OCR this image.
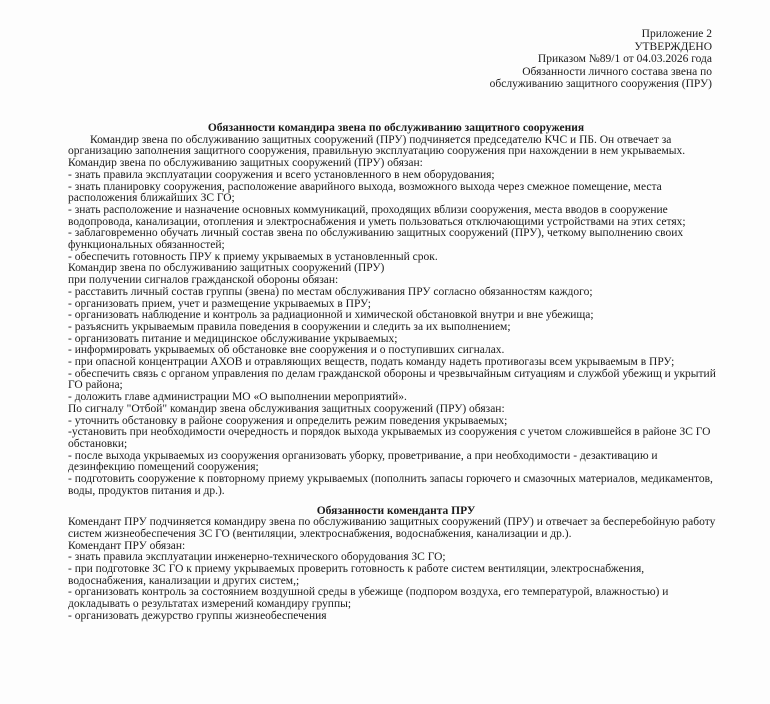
Приложение 2
УТВЕРЖДЕНО
Приказом №89/1 от 04.03.2026 года
Обязанности личного состава звена по
обслуживанию защитного сооружения (ПРУ)

Обязанности командира звена по обслуживанию защитного сооружения

Командир звена по обслуживанию защитных сооружений (ПРУ) подчиняется председателю КЧС и ПБ. Он отвечает за организацию заполнения защитного сооружения, правильную эксплуатацию сооружения при нахождении в нем укрываемых.

Командир звена по обслуживанию защитных сооружений (ПРУ) обязан:

- знать правила эксплуатации сооружения и всего установленного в нем оборудования;

- знать планировку сооружения, расположение аварийного выхода, возможного выхода через смежное помещение, места расположения ближайших ЗС ГО;

- знать расположение и назначение основных коммуникаций, проходящих вблизи сооружения, места вводов в сооружение водопровода, канализации, отопления и электроснабжения и уметь пользоваться отключающими устройствами на этих сетях;

- заблаговременно обучать личный состав звена по обслуживанию защитных сооружений (ПРУ), четкому выполнению своих функциональных обязанностей;

- обеспечить готовность ПРУ к приему укрываемых в установленный срок.

Командир звена по обслуживанию защитных сооружений (ПРУ)

при получении сигналов гражданской обороны обязан:

- расставить личный состав группы (звена) по местам обслуживания ПРУ согласно обязанностям каждого;

- организовать прием, учет и размещение укрываемых в ПРУ;

- организовать наблюдение и контроль за радиационной и химической обстановкой внутри и вне убежища;

- разъяснить укрываемым правила поведения в сооружении и следить за их выполнением;

- организовать питание и медицинское обслуживание укрываемых;

- информировать укрываемых об обстановке вне сооружения и о поступивших сигналах.

- при опасной концентрации АХОВ и отравляющих веществ, подать команду надеть противогазы всем укрываемым в ПРУ;

- обеспечить связь с органом управления по делам гражданской обороны и чрезвычайным ситуациям и службой убежищ и укрытий ГО района;

- доложить главе администрации МО «О выполнении мероприятий».

По сигналу "Отбой" командир звена обслуживания защитных сооружений (ПРУ) обязан:

- уточнить обстановку в районе сооружения и определить режим поведения укрываемых;

-установить при необходимости очередность и порядок выхода укрываемых из сооружения с учетом сложившейся в районе ЗС ГО обстановки;

- после выхода укрываемых из сооружения организовать уборку, проветривание, а при необходимости - дезактивацию и дезинфекцию помещений сооружения;

- подготовить сооружение к повторному приему укрываемых (пополнить запасы горючего и смазочных материалов, медикаментов, воды, продуктов питания и др.).

Обязанности коменданта ПРУ

Комендант ПРУ подчиняется командиру звена по обслуживанию защитных сооружений (ПРУ) и отвечает за бесперебойную работу систем жизнеобеспечения ЗС ГО (вентиляции, электроснабжения, водоснабжения, канализации и др.).

Комендант ПРУ обязан:

- знать правила эксплуатации инженерно-технического оборудования ЗС ГО;

- при подготовке ЗС ГО к приему укрываемых проверить готовность к работе систем вентиляции, электроснабжения, водоснабжения, канализации и других систем,;

- организовать контроль за состоянием воздушной среды в убежище (подпором воздуха, его температурой, влажностью) и докладывать о результатах измерений командиру группы;

- организовать дежурство группы жизнеобеспечения
